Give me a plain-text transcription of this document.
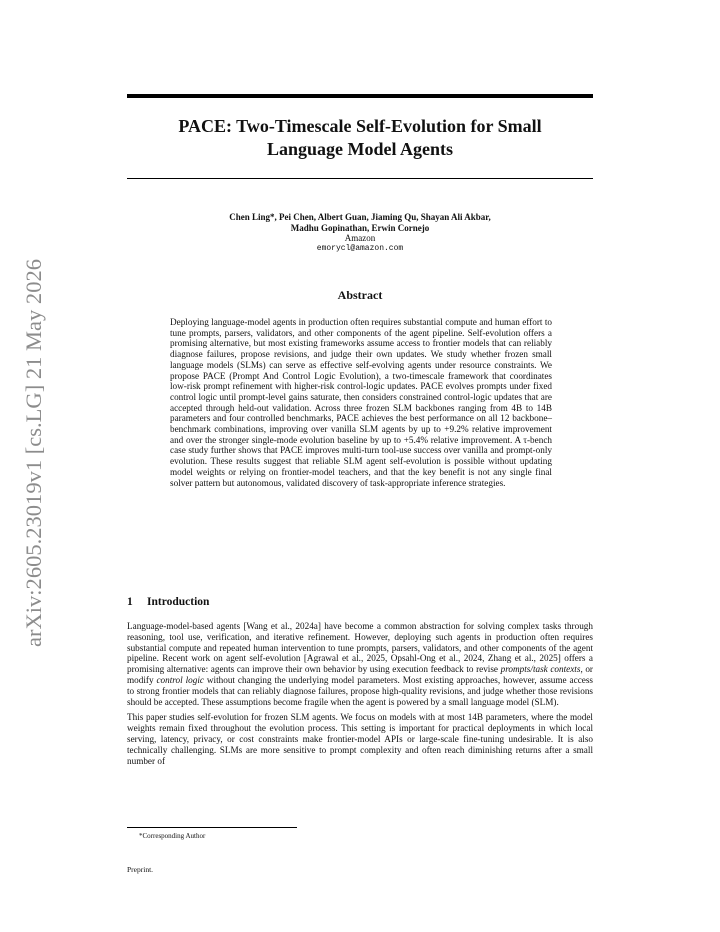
arXiv:2605.23019v1 [cs.LG] 21 May 2026
PACE: Two-Timescale Self-Evolution for Small
Language Model Agents
Chen Ling*, Pei Chen, Albert Guan, Jiaming Qu, Shayan Ali Akbar,
Madhu Gopinathan, Erwin Cornejo
Amazon
emorycl@amazon.com
Abstract
Deploying language-model agents in production often requires substantial compute and human effort to tune prompts, parsers, validators, and other components of the agent pipeline. Self-evolution offers a promising alternative, but most existing frameworks assume access to frontier models that can reliably diagnose failures, propose revisions, and judge their own updates. We study whether frozen small language models (SLMs) can serve as effective self-evolving agents under resource constraints. We propose PACE (Prompt And Control Logic Evolution), a two-timescale framework that coordinates low-risk prompt refinement with higher-risk control-logic updates. PACE evolves prompts under fixed control logic until prompt-level gains saturate, then considers constrained control-logic updates that are accepted through held-out validation. Across three frozen SLM backbones ranging from 4B to 14B parameters and four controlled benchmarks, PACE achieves the best performance on all 12 backbone–benchmark combinations, improving over vanilla SLM agents by up to +9.2% relative improvement and over the stronger single-mode evolution baseline by up to +5.4% relative improvement. A τ-bench case study further shows that PACE improves multi-turn tool-use success over vanilla and prompt-only evolution. These results suggest that reliable SLM agent self-evolution is possible without updating model weights or relying on frontier-model teachers, and that the key benefit is not any single final solver pattern but autonomous, validated discovery of task-appropriate inference strategies.
1 Introduction

Language-model-based agents [Wang et al., 2024a] have become a common abstraction for solving complex tasks through reasoning, tool use, verification, and iterative refinement. However, deploying such agents in production often requires substantial compute and repeated human intervention to tune prompts, parsers, validators, and other components of the agent pipeline. Recent work on agent self-evolution [Agrawal et al., 2025, Opsahl-Ong et al., 2024, Zhang et al., 2025] offers a promising alternative: agents can improve their own behavior by using execution feedback to revise prompts/task contexts, or modify control logic without changing the underlying model parameters. Most existing approaches, however, assume access to strong frontier models that can reliably diagnose failures, propose high-quality revisions, and judge whether those revisions should be accepted. These assumptions become fragile when the agent is powered by a small language model (SLM).

This paper studies self-evolution for frozen SLM agents. We focus on models with at most 14B parameters, where the model weights remain fixed throughout the evolution process. This setting is important for practical deployments in which local serving, latency, privacy, or cost constraints make frontier-model APIs or large-scale fine-tuning undesirable. It is also technically challenging. SLMs are more sensitive to prompt complexity and often reach diminishing returns after a small number of

*Corresponding Author
Preprint.
